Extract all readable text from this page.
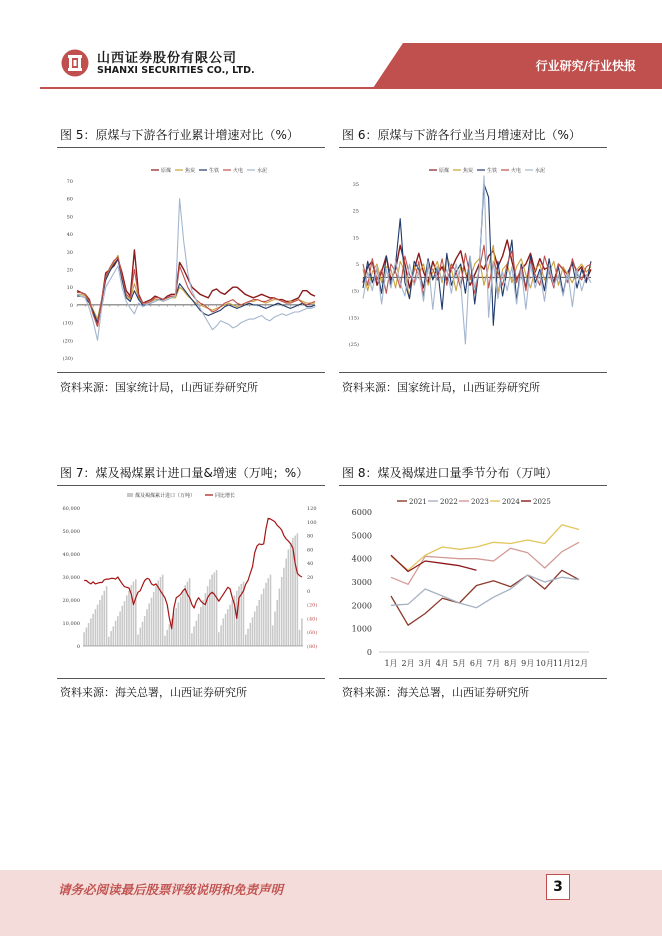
山西证券股份有限公司
SHANXI SECURITIES CO., LTD.	行业研究/行业快报
图 5：原煤与下游各行业累计增速对比（%）
70
60
50
40
30
20
10
0
(10)
(20)
(30)
原煤	焦炭	生铁	火电	水泥
资料来源：国家统计局，山西证券研究所
图 6：原煤与下游各行业当月增速对比（%）
35
25
15
5
(5)
(15)
(25)
原煤	焦炭	生铁	火电	水泥
资料来源：国家统计局，山西证券研究所
图 7：煤及褐煤累计进口量&增速（万吨；%）
60,000
50,000
40,000
30,000
20,000
10,000
0
120
100
80
60
40
20
0
(20)
(40)
(60)
(80)
煤及褐煤累计进口（万吨）	同比增长
资料来源：海关总署，山西证券研究所
图 8：煤及褐煤进口量季节分布（万吨）
6000
5000
4000
3000
2000
1000
0
1月 2月 3月 4月 5月 6月 7月 8月 9月 10月
11月
12月
2021 2022 2023 2024 2025
资料来源：海关总署，山西证券研究所
请务必阅读最后股票评级说明和免责声明	3
